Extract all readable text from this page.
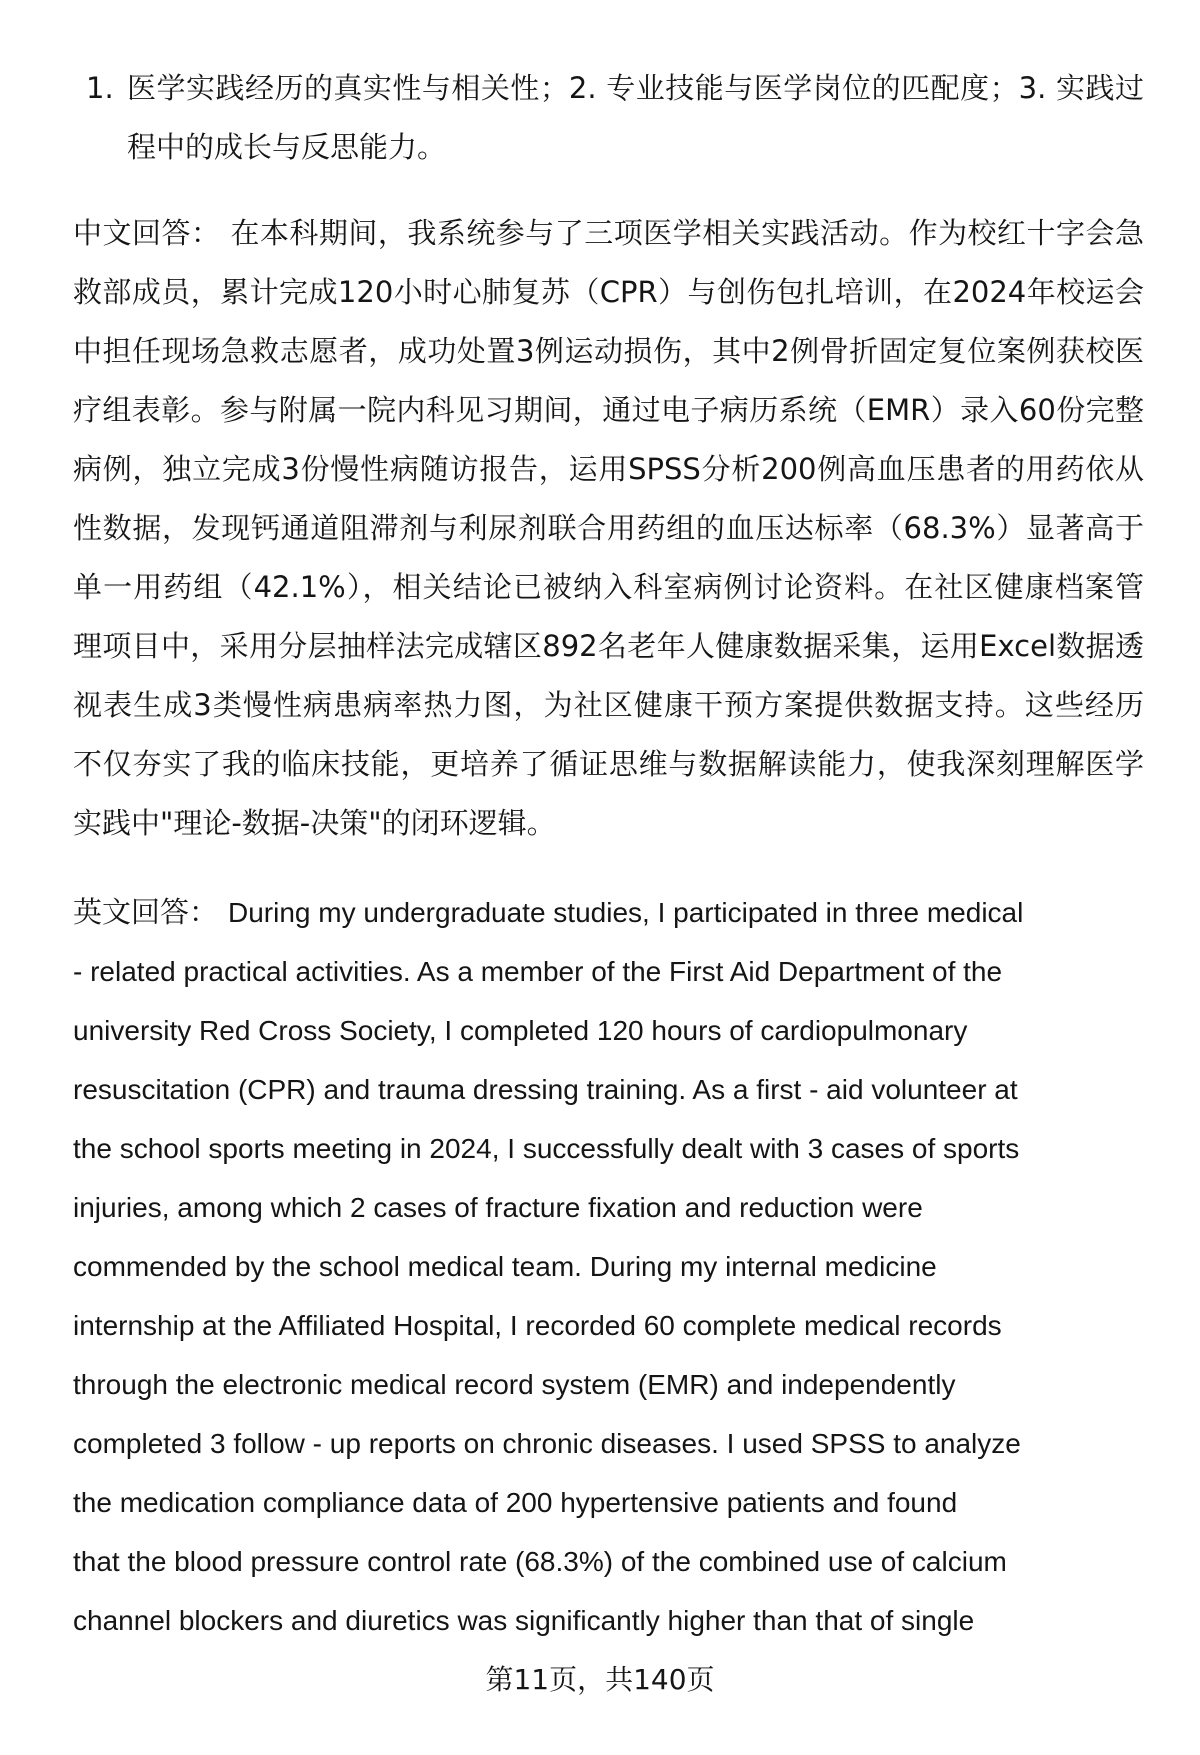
1. 医学实践经历的真实性与相关性；2. 专业技能与医学岗位的匹配度；3. 实践过
程中的成长与反思能力。
中文回答： 在本科期间，我系统参与了三项医学相关实践活动。作为校红十字会急
救部成员，累计完成120小时心肺复苏（CPR）与创伤包扎培训，在2024年校运会
中担任现场急救志愿者，成功处置3例运动损伤，其中2例骨折固定复位案例获校医
疗组表彰。参与附属一院内科见习期间，通过电子病历系统（EMR）录入60份完整
病例，独立完成3份慢性病随访报告，运用SPSS分析200例高血压患者的用药依从
性数据，发现钙通道阻滞剂与利尿剂联合用药组的血压达标率（68.3%）显著高于
单一用药组（42.1%），相关结论已被纳入科室病例讨论资料。在社区健康档案管
理项目中，采用分层抽样法完成辖区892名老年人健康数据采集，运用Excel数据透
视表生成3类慢性病患病率热力图，为社区健康干预方案提供数据支持。这些经历
不仅夯实了我的临床技能，更培养了循证思维与数据解读能力，使我深刻理解医学
实践中"理论-数据-决策"的闭环逻辑。
英文回答： During my undergraduate studies, I participated in three medical
- related practical activities. As a member of the First Aid Department of the
university Red Cross Society, I completed 120 hours of cardiopulmonary
resuscitation (CPR) and trauma dressing training. As a first - aid volunteer at
the school sports meeting in 2024, I successfully dealt with 3 cases of sports
injuries, among which 2 cases of fracture fixation and reduction were
commended by the school medical team. During my internal medicine
internship at the Affiliated Hospital, I recorded 60 complete medical records
through the electronic medical record system (EMR) and independently
completed 3 follow - up reports on chronic diseases. I used SPSS to analyze
the medication compliance data of 200 hypertensive patients and found
that the blood pressure control rate (68.3%) of the combined use of calcium
channel blockers and diuretics was significantly higher than that of single
第11页，共140页
